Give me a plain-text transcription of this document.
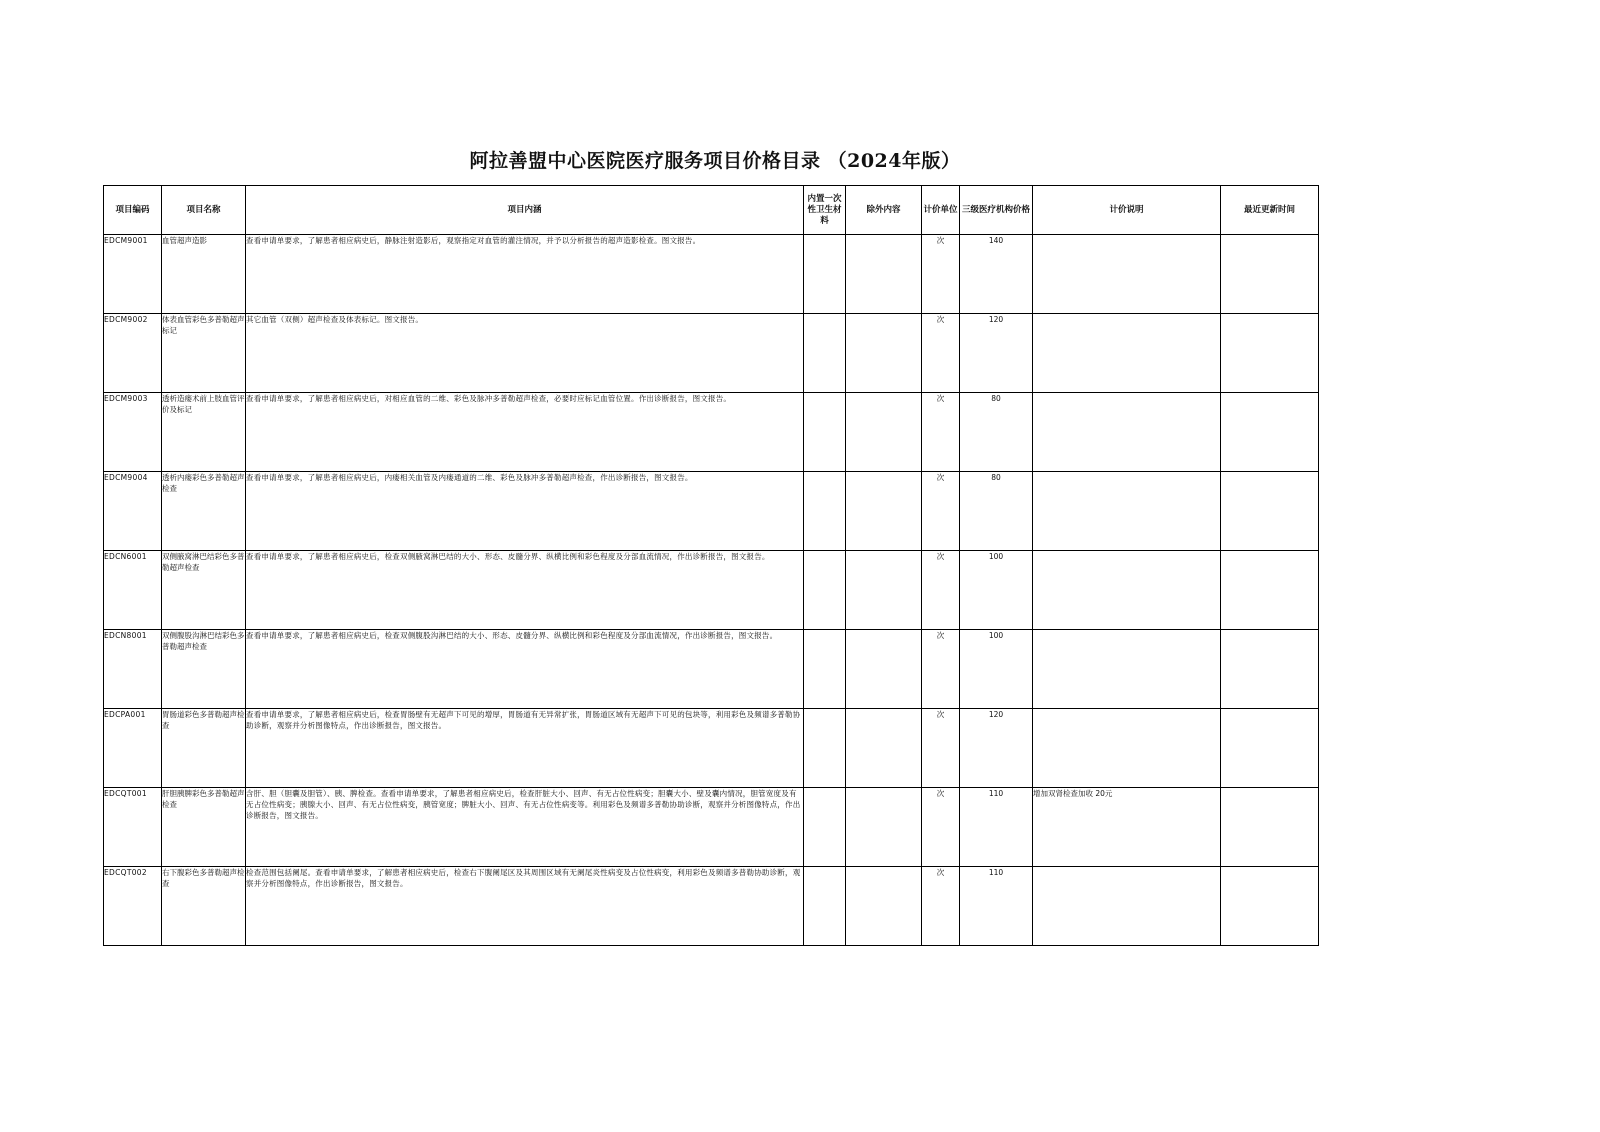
阿拉善盟中心医院医疗服务项目价格目录 （2024年版）
项目编码	项目名称	项目内涵	内置一次性卫生材料	除外内容	计价单位	三级医疗机构价格	计价说明	最近更新时间
EDCM9001	血管超声造影	查看申请单要求，了解患者相应病史后，静脉注射造影后，观察指定对血管的灌注情况，并予以分析报告的超声造影检查。图文报告。			次	140		
EDCM9002	体表血管彩色多普勒超声标记	其它血管（双侧）超声检查及体表标记。图文报告。			次	120		
EDCM9003	透析造瘘术前上肢血管评价及标记	查看申请单要求，了解患者相应病史后，对相应血管的二维、彩色及脉冲多普勒超声检查，必要时应标记血管位置。作出诊断报告，图文报告。			次	80		
EDCM9004	透析内瘘彩色多普勒超声检查	查看申请单要求，了解患者相应病史后，内瘘相关血管及内瘘通道的二维、彩色及脉冲多普勒超声检查，作出诊断报告，图文报告。			次	80		
EDCN6001	双侧腋窝淋巴结彩色多普勒超声检查	查看申请单要求，了解患者相应病史后，检查双侧腋窝淋巴结的大小、形态、皮髓分界、纵横比例和彩色程度及分部血流情况，作出诊断报告，图文报告。			次	100		
EDCN8001	双侧腹股沟淋巴结彩色多普勒超声检查	查看申请单要求，了解患者相应病史后，检查双侧腹股沟淋巴结的大小、形态、皮髓分界、纵横比例和彩色程度及分部血流情况，作出诊断报告，图文报告。			次	100		
EDCPA001	胃肠道彩色多普勒超声检查	查看申请单要求，了解患者相应病史后，检查胃肠壁有无超声下可见的增厚，胃肠道有无异常扩张，胃肠道区域有无超声下可见的包块等，利用彩色及频谱多普勒协助诊断，观察并分析图像特点，作出诊断报告，图文报告。			次	120		
EDCQT001	肝胆胰脾彩色多普勒超声检查	含肝、胆（胆囊及胆管）、胰、脾检查。查看申请单要求，了解患者相应病史后，检查肝脏大小、回声、有无占位性病变；胆囊大小、壁及囊内情况，胆管宽度及有无占位性病变；胰腺大小、回声、有无占位性病变，胰管宽度；脾脏大小、回声、有无占位性病变等。利用彩色及频谱多普勒协助诊断，观察并分析图像特点，作出诊断报告，图文报告。			次	110	增加双肾检查加收 20元	
EDCQT002	右下腹彩色多普勒超声检查	检查范围包括阑尾。查看申请单要求，了解患者相应病史后，检查右下腹阑尾区及其周围区域有无阑尾炎性病变及占位性病变，利用彩色及频谱多普勒协助诊断，观察并分析图像特点，作出诊断报告，图文报告。			次	110		
